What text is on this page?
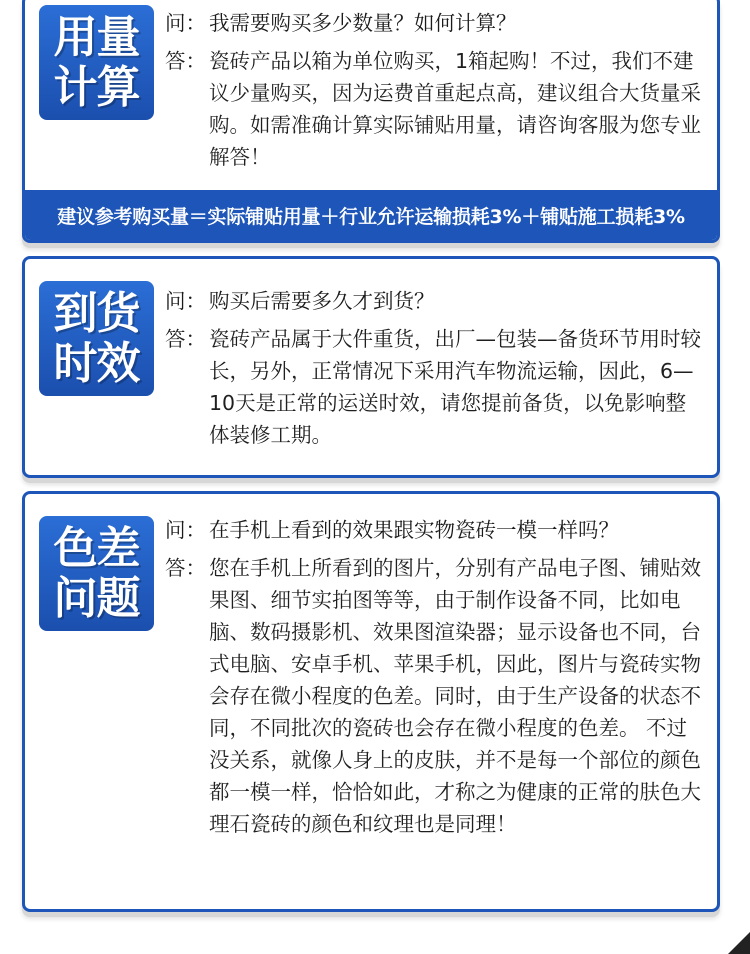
用量
计算
问： 我需要购买多少数量？如何计算？
答： 瓷砖产品以箱为单位购买，1箱起购！不过，我们不建议少量购买，因为运费首重起点高，建议组合大货量采购。如需准确计算实际铺贴用量，请咨询客服为您专业解答！
建议参考购买量＝实际铺贴用量＋行业允许运输损耗3%＋铺贴施工损耗3%
到货
时效
问： 购买后需要多久才到货？
答： 瓷砖产品属于大件重货，出厂—包装—备货环节用时较长，另外，正常情况下采用汽车物流运输，因此，6—10天是正常的运送时效，请您提前备货，以免影响整体装修工期。
色差
问题
问： 在手机上看到的效果跟实物瓷砖一模一样吗？
答： 您在手机上所看到的图片，分别有产品电子图、铺贴效果图、细节实拍图等等，由于制作设备不同，比如电脑、数码摄影机、效果图渲染器；显示设备也不同，台式电脑、安卓手机、苹果手机，因此，图片与瓷砖实物会存在微小程度的色差。同时，由于生产设备的状态不同，不同批次的瓷砖也会存在微小程度的色差。 不过没关系，就像人身上的皮肤，并不是每一个部位的颜色都一模一样，恰恰如此，才称之为健康的正常的肤色大理石瓷砖的颜色和纹理也是同理！
